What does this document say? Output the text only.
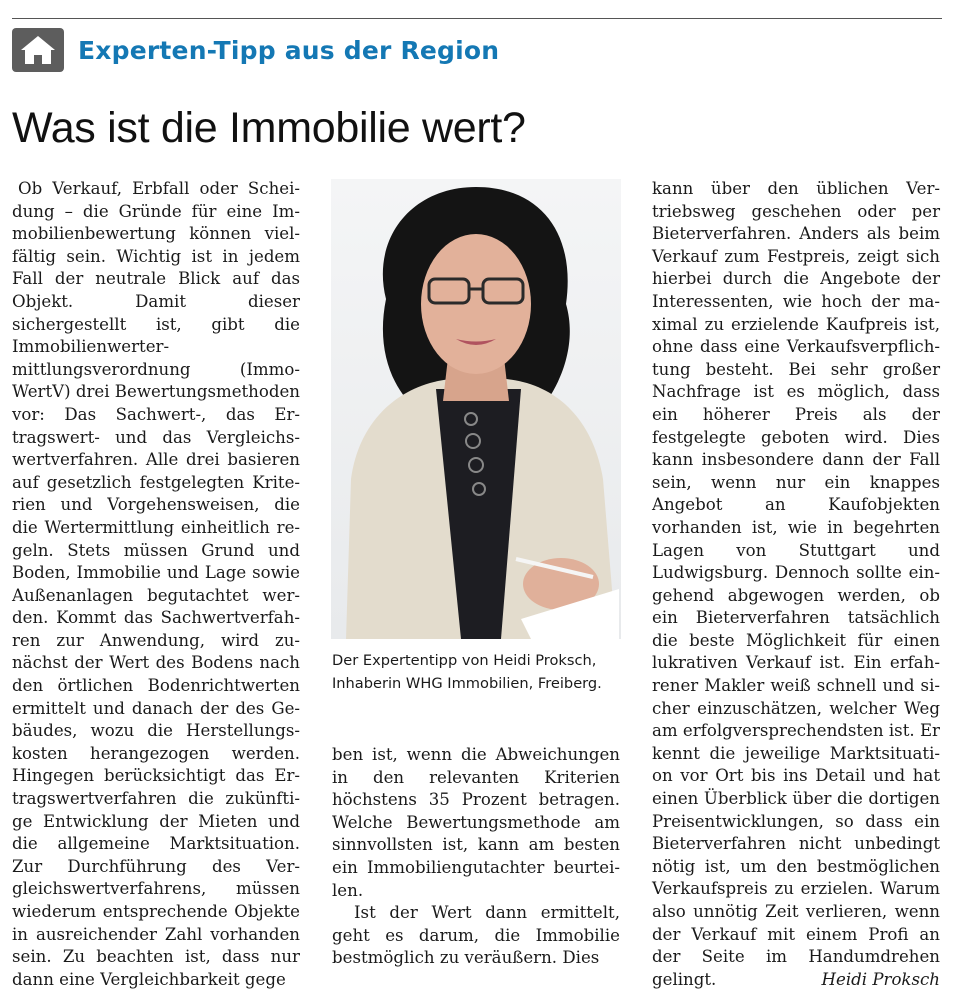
Experten-Tipp aus der Region
Was ist die Immobilie wert?

Ob Verkauf, Erbfall oder Scheidung – die Gründe für eine Immobilienbewertung können vielfältig sein. Wichtig ist in jedem Fall der neutrale Blick auf das Objekt. Damit dieser sichergestellt ist, gibt die Immobilienwertermittlungsverordnung (ImmoWertV) drei Bewertungsmethoden vor: Das Sachwert-, das Ertragswert- und das Vergleichswertverfahren. Alle drei basieren auf gesetzlich festgelegten Kriterien und Vorgehensweisen, die die Wertermittlung einheitlich regeln. Stets müssen Grund und Boden, Immobilie und Lage sowie Außenanlagen begutachtet werden. Kommt das Sachwertverfahren zur Anwendung, wird zunächst der Wert des Bodens nach den örtlichen Bodenrichtwerten ermittelt und danach der des Gebäudes, wozu die Herstellungskosten herangezogen werden. Hingegen berücksichtigt das Ertragswertverfahren die zukünftige Entwicklung der Mieten und die allgemeine Marktsituation. Zur Durchführung des Vergleichswertverfahrens, müssen wiederum entsprechende Objekte in ausreichender Zahl vorhanden sein. Zu beachten ist, dass nur dann eine Vergleichbarkeit gege

Der Expertentipp von Heidi Proksch, Inhaberin WHG Immobilien, Freiberg.

ben ist, wenn die Abweichungen in den relevanten Kriterien höchstens 35 Prozent betragen. Welche Bewertungsmethode am sinnvollsten ist, kann am besten ein Immobiliengutachter beurteilen.

Ist der Wert dann ermittelt, geht es darum, die Immobilie bestmöglich zu veräußern. Dies

kann über den üblichen Vertriebsweg geschehen oder per Bieterverfahren. Anders als beim Verkauf zum Festpreis, zeigt sich hierbei durch die Angebote der Interessenten, wie hoch der maximal zu erzielende Kaufpreis ist, ohne dass eine Verkaufsverpflichtung besteht. Bei sehr großer Nachfrage ist es möglich, dass ein höherer Preis als der festgelegte geboten wird. Dies kann insbesondere dann der Fall sein, wenn nur ein knappes Angebot an Kaufobjekten vorhanden ist, wie in begehrten Lagen von Stuttgart und Ludwigsburg. Dennoch sollte eingehend abgewogen werden, ob ein Bieterverfahren tatsächlich die beste Möglichkeit für einen lukrativen Verkauf ist. Ein erfahrener Makler weiß schnell und sicher einzuschätzen, welcher Weg am erfolgversprechendsten ist. Er kennt die jeweilige Marktsituation vor Ort bis ins Detail und hat einen Überblick über die dortigen Preisentwicklungen, so dass ein Bieterverfahren nicht unbedingt nötig ist, um den bestmöglichen Verkaufspreis zu erzielen. Warum also unnötig Zeit verlieren, wenn der Verkauf mit einem Profi an der Seite im Handumdrehen gelingt.	Heidi Proksch
